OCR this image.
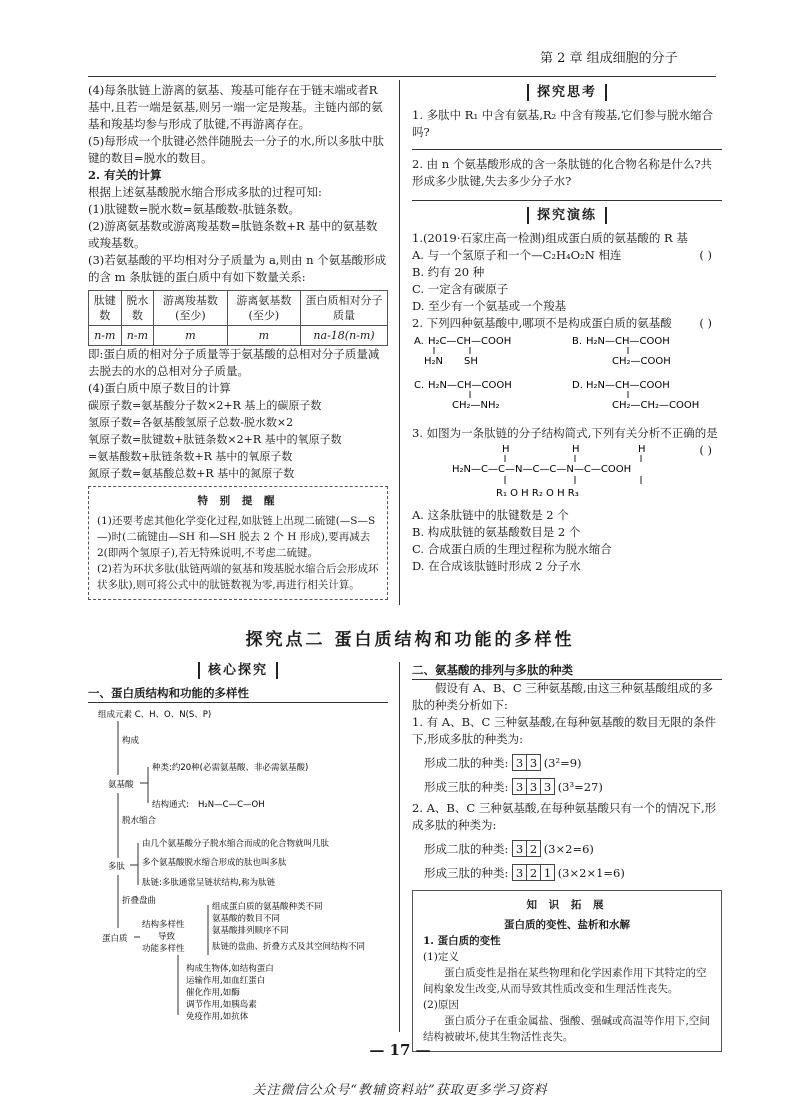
第 2 章 组成细胞的分子
(4)每条肽链上游离的氨基、羧基可能存在于链末端或者R 基中,且若一端是氨基,则另一端一定是羧基。主链内部的氨基和羧基均参与形成了肽键,不再游离存在。
(5)每形成一个肽键必然伴随脱去一分子的水,所以多肽中肽键的数目=脱水的数目。
2. 有关的计算
根据上述氨基酸脱水缩合形成多肽的过程可知:
(1)肽键数=脱水数=氨基酸数-肽链条数。
(2)游离氨基数或游离羧基数=肽链条数+R 基中的氨基数或羧基数。
(3)若氨基酸的平均相对分子质量为 a,则由 n 个氨基酸形成的含 m 条肽链的蛋白质中有如下数量关系:
肽键数	脱水数	游离羧基数(至少)	游离氨基数(至少)	蛋白质相对分子质量
n-m	n-m	m	m	na-18(n-m)
即:蛋白质的相对分子质量等于氨基酸的总相对分子质量减去脱去的水的总相对分子质量。
(4)蛋白质中原子数目的计算
碳原子数=氨基酸分子数×2+R 基上的碳原子数
氢原子数=各氨基酸氢原子总数-脱水数×2
氧原子数=肽键数+肽链条数×2+R 基中的氧原子数
=氨基酸数+肽链条数+R 基中的氧原子数
氮原子数=氨基酸总数+R 基中的氮原子数
特 别 提 醒
(1)还要考虑其他化学变化过程,如肽链上出现二硫键(—S—S—)时(二硫键由—SH 和—SH 脱去 2 个 H 形成),要再减去 2(即两个氢原子),若无特殊说明,不考虑二硫键。
(2)若为环状多肽(肽链两端的氨基和羧基脱水缩合后会形成环状多肽),则可将公式中的肽链数视为零,再进行相关计算。
探究思考
1. 多肽中 R₁ 中含有氨基,R₂ 中含有羧基,它们参与脱水缩合吗?
2. 由 n 个氨基酸形成的含一条肽链的化合物名称是什么?共形成多少肽键,失去多少分子水?
探究演练
1.(2019·石家庄高一检测)组成蛋白质的氨基酸的 R 基
( )
A. 与一个氢原子和一个—C₂H₄O₂N 相连
B. 约有 20 种
C. 一定含有碳原子
D. 至少有一个氨基或一个羧基
2. 下列四种氨基酸中,哪项不是构成蛋白质的氨基酸 ( )
A. H₂C—CH—COOH
H₂N SH
B. H₂N—CH—COOH
CH₂—COOH
C. H₂N—CH—COOH
CH₂—NH₂
D. H₂N—CH—COOH
CH₂—CH₂—COOH
3. 如图为一条肽链的分子结构简式,下列有关分析不正确的是
( )
H	H	H
H₂N—C—C—N—C—C—N—C—COOH
R₁ O H R₂ O H R₃
A. 这条肽链中的肽键数是 2 个
B. 构成肽链的氨基酸数目是 2 个
C. 合成蛋白质的生理过程称为脱水缩合
D. 在合成该肽链时形成 2 分子水
探究点二 蛋白质结构和功能的多样性
核心探究
一、蛋白质结构和功能的多样性
组成元素 C、H、O、N(S、P)
构成
氨基酸
种类:约20种(必需氨基酸、非必需氨基酸)
结构通式: H₂N—C—C—OH
脱水缩合
多肽
由几个氨基酸分子脱水缩合而成的化合物就叫几肽
多个氨基酸脱水缩合形成的肽也叫多肽
肽链:多肽通常呈链状结构,称为肽链
折叠盘曲
蛋白质
结构多样性
导致
功能多样性
组成蛋白质的氨基酸种类不同
氨基酸的数目不同
氨基酸排列顺序不同
肽链的盘曲、折叠方式及其空间结构不同
构成生物体,如结构蛋白
运输作用,如血红蛋白
催化作用,如酶
调节作用,如胰岛素
免疫作用,如抗体
二、氨基酸的排列与多肽的种类
假设有 A、B、C 三种氨基酸,由这三种氨基酸组成的多肽的种类分析如下:
1. 有 A、B、C 三种氨基酸,在每种氨基酸的数目无限的条件下,形成多肽的种类为:
形成二肽的种类: 3 3 (3²=9)
形成三肽的种类: 3 3 3 (3³=27)
2. A、B、C 三种氨基酸,在每种氨基酸只有一个的情况下,形成多肽的种类为:
形成二肽的种类: 3 2 (3×2=6)
形成三肽的种类: 3 2 1 (3×2×1=6)
知 识 拓 展
蛋白质的变性、盐析和水解
1. 蛋白质的变性
(1)定义
蛋白质变性是指在某些物理和化学因素作用下其特定的空间构象发生改变,从而导致其性质改变和生理活性丧失。
(2)原因
蛋白质分子在重金属盐、强酸、强碱或高温等作用下,空间结构被破坏,使其生物活性丧失。
— 17 —
关注微信公众号“教辅资料站”获取更多学习资料
